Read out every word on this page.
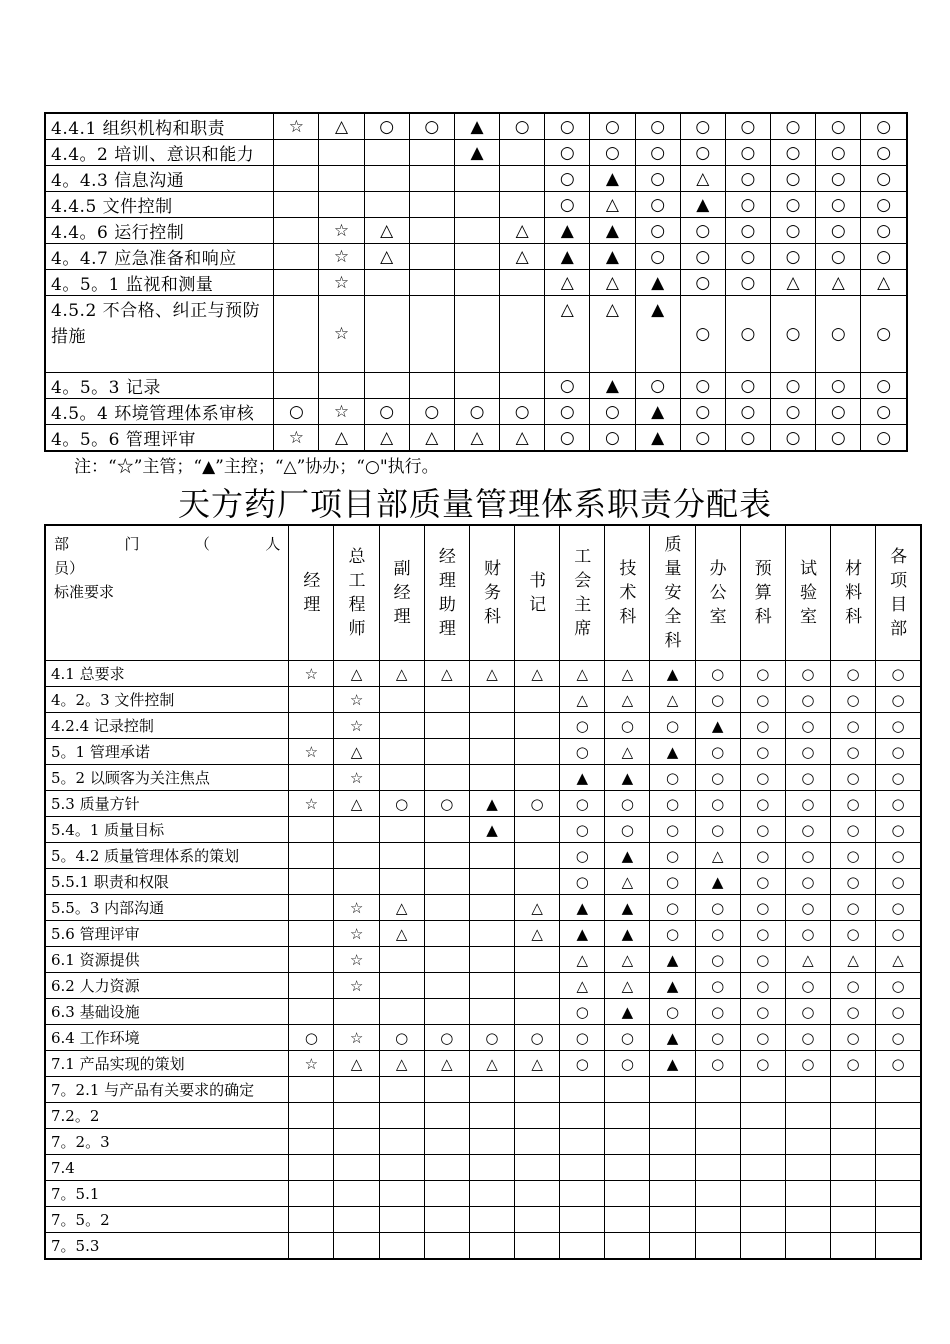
4.4.1 组织机构和职责	☆	△	○	○	▲	○	○	○	○	○	○	○	○	○
4.4。2 培训、意识和能力					▲		○	○	○	○	○	○	○	○
4。4.3 信息沟通							○	▲	○	△	○	○	○	○
4.4.5 文件控制							○	△	○	▲	○	○	○	○
4.4。6 运行控制		☆	△			△	▲	▲	○	○	○	○	○	○
4。4.7 应急准备和响应		☆	△			△	▲	▲	○	○	○	○	○	○
4。5。1 监视和测量		☆					△	△	▲	○	○	△	△	△
4.5.2 不合格、纠正与预防 措施		☆					△	△	▲	○	○	○	○	○
4。5。3 记录							○	▲	○	○	○	○	○	○
4.5。4 环境管理体系审核	○	☆	○	○	○	○	○	○	▲	○	○	○	○	○
4。5。6 管理评审	☆	△	△	△	△	△	○	○	▲	○	○	○	○	○
注：“☆”主管；“▲”主控；“△”协办；“○"执行。
天方药厂项目部质量管理体系职责分配表
部 门 （ 人
员）
标准要求	经理	总工程师	副经理	经理助理	财务科	书记	工会主席	技术科	质量安全科	办公室	预算科	试验室	材料科	各项目部

4.1 总要求	☆	△	△	△	△	△	△	△	▲	○	○	○	○	○
4。2。3 文件控制		☆					△	△	△	○	○	○	○	○
4.2.4 记录控制		☆					○	○	○	▲	○	○	○	○
5。1 管理承诺	☆	△					○	△	▲	○	○	○	○	○
5。2 以顾客为关注焦点		☆					▲	▲	○	○	○	○	○	○
5.3 质量方针	☆	△	○	○	▲	○	○	○	○	○	○	○	○	○
5.4。1 质量目标					▲		○	○	○	○	○	○	○	○
5。4.2 质量管理体系的策划							○	▲	○	△	○	○	○	○
5.5.1 职责和权限							○	△	○	▲	○	○	○	○
5.5。3 内部沟通		☆	△			△	▲	▲	○	○	○	○	○	○
5.6 管理评审		☆	△			△	▲	▲	○	○	○	○	○	○
6.1 资源提供		☆					△	△	▲	○	○	△	△	△
6.2 人力资源		☆					△	△	▲	○	○	○	○	○
6.3 基础设施							○	▲	○	○	○	○	○	○
6.4 工作环境	○	☆	○	○	○	○	○	○	▲	○	○	○	○	○
7.1 产品实现的策划	☆	△	△	△	△	△	○	○	▲	○	○	○	○	○
7。2.1 与产品有关要求的确定														
7.2。2														
7。2。3														
7.4														
7。5.1														
7。5。2														
7。5.3														
